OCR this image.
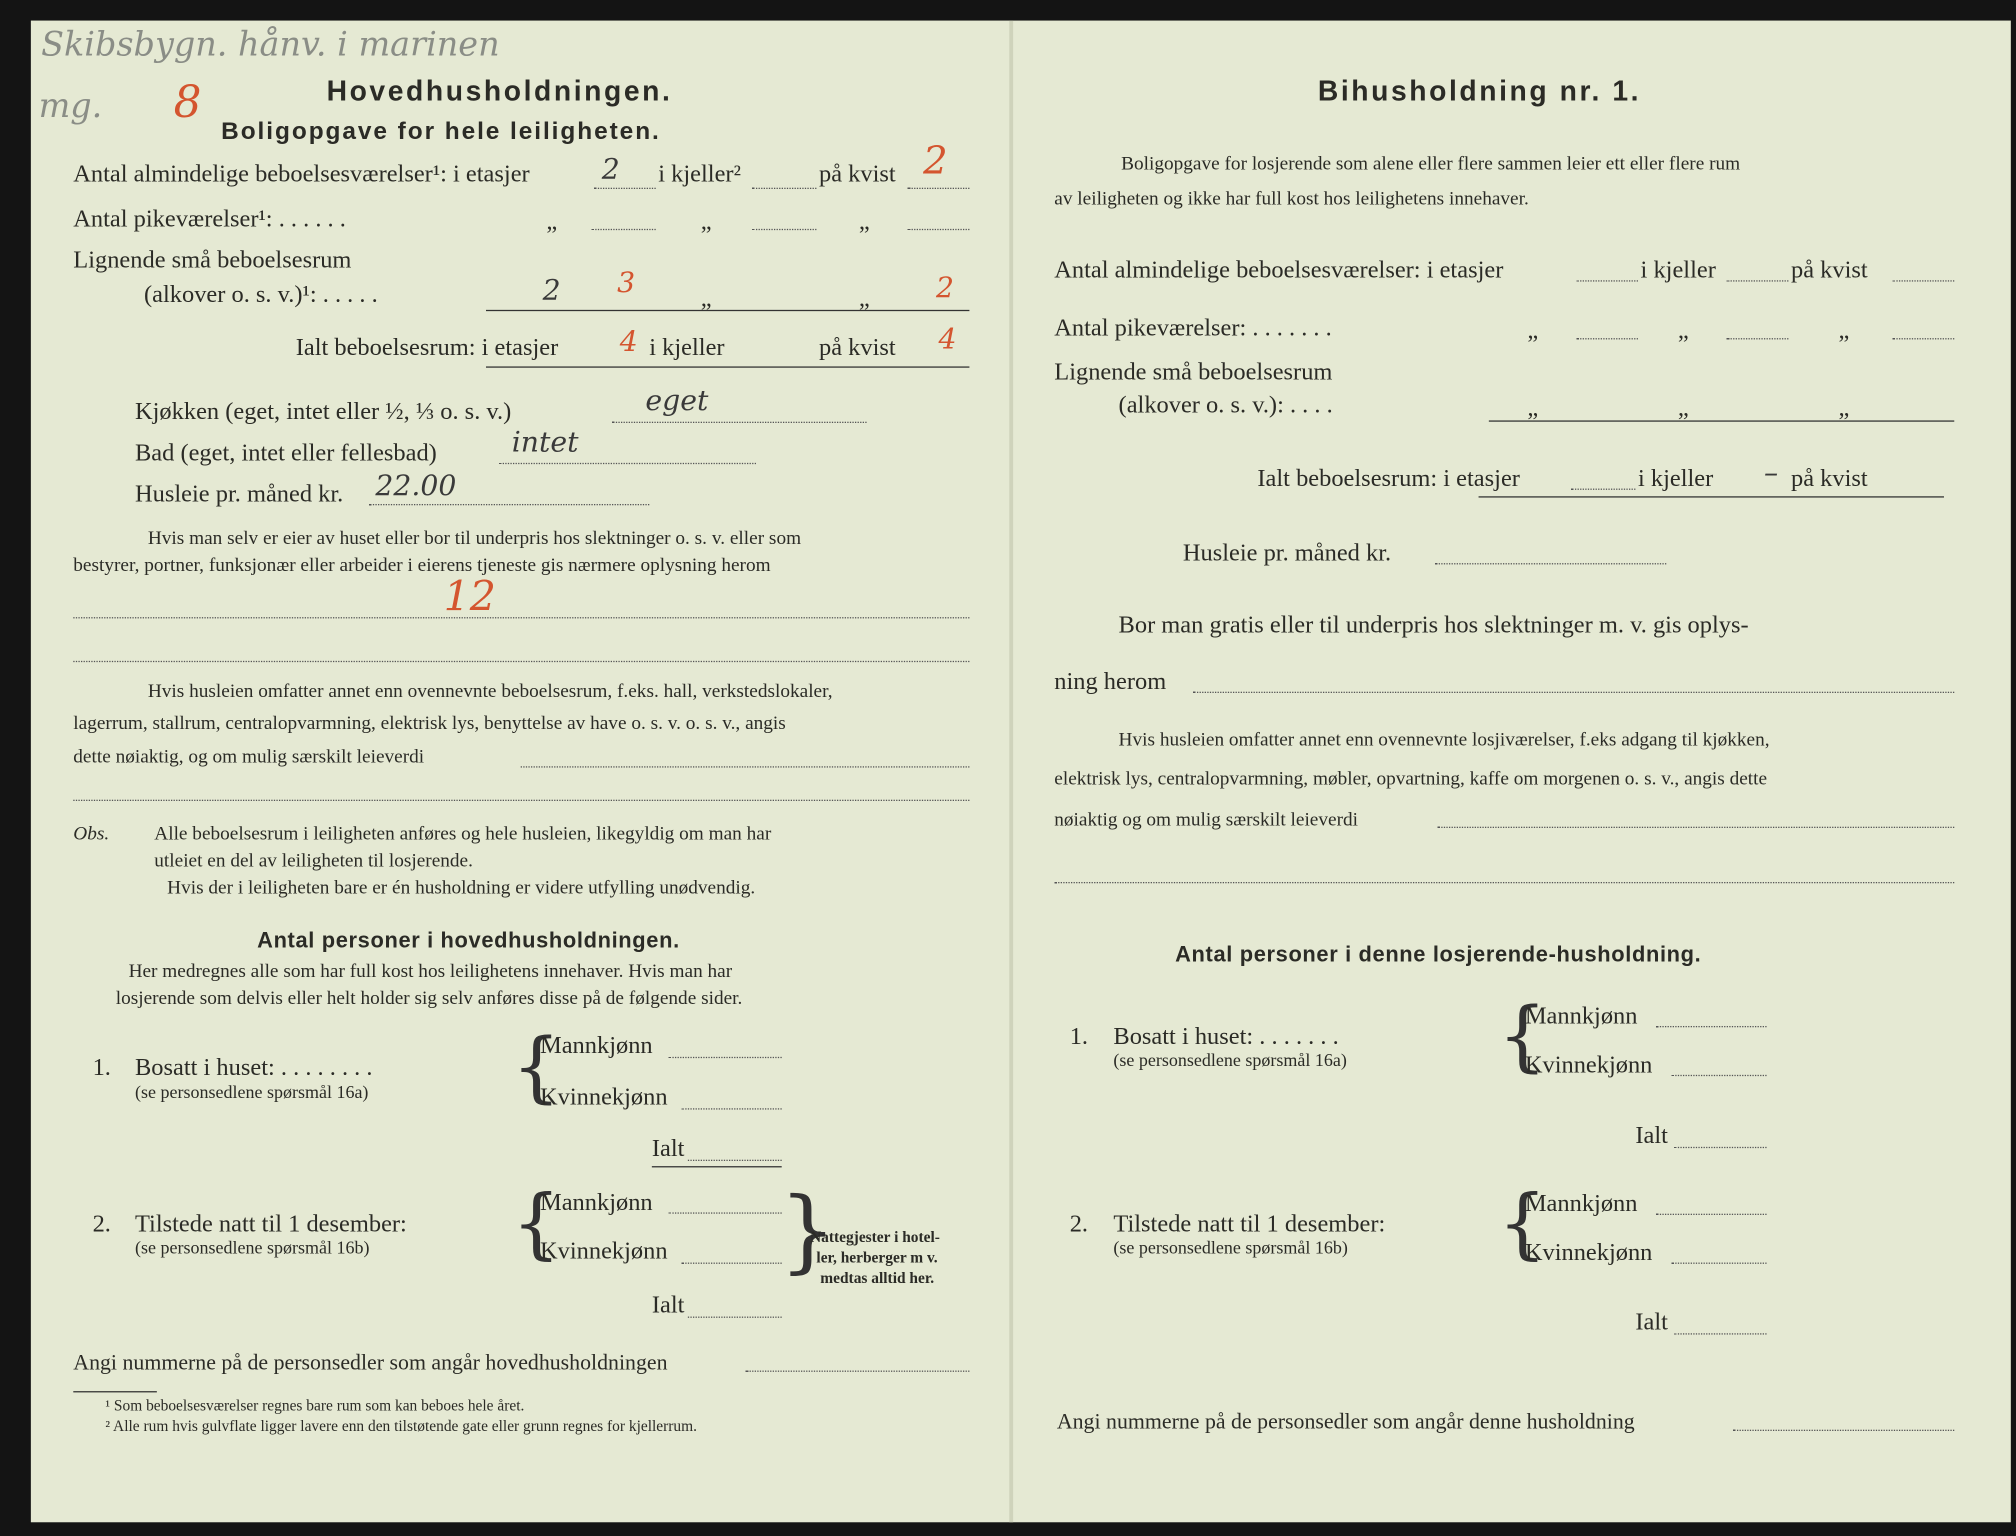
Skibsbygn. hånv. i marinen
mg. 8	Hovedhusholdningen.
Boligopgave for hele leiligheten.
Antal almindelige beboelsesværelser¹: i etasjer	2 i kjeller²	på kvist 2
Antal pikeværelser¹: . . . . . .	„	„	„
Lignende små beboelsesrum
(alkover o. s. v.)¹: . . . . .	2	3	„	„	2
Ialt beboelsesrum: i etasjer	4 i kjeller	på kvist 4
Kjøkken (eget, intet eller ½, ⅓ o. s. v.)	eget
Bad (eget, intet eller fellesbad)	intet
Husleie pr. måned kr. 22.00
Hvis man selv er eier av huset eller bor til underpris hos slektninger o. s. v. eller som
bestyrer, portner, funksjonær eller arbeider i eierens tjeneste gis nærmere oplysning herom
12
Hvis husleien omfatter annet enn ovennevnte beboelsesrum, f.eks. hall, verkstedslokaler,
lagerrum, stallrum, centralopvarmning, elektrisk lys, benyttelse av have o. s. v. o. s. v., angis
dette nøiaktig, og om mulig særskilt leieverdi
Obs.	Alle beboelsesrum i leiligheten anføres og hele husleien, likegyldig om man har
utleiet en del av leiligheten til losjerende.
Hvis der i leiligheten bare er én husholdning er videre utfylling unødvendig.
Antal personer i hovedhusholdningen.
Her medregnes alle som har full kost hos leilighetens innehaver. Hvis man har
losjerende som delvis eller helt holder sig selv anføres disse på de følgende sider.
1. Bosatt i huset: . . . . . . . .
(se personsedlene spørsmål 16a) {
Mannkjønn
Kvinnekjønn
Ialt
2. Tilstede natt til 1 desember:
(se personsedlene spørsmål 16b) {
Mannkjønn
Kvinnekjønn
Ialt
}
Nattegjester i hotel-
ler, herberger m v.
medtas alltid her.
Angi nummerne på de personsedler som angår hovedhusholdningen
¹ Som beboelsesværelser regnes bare rum som kan beboes hele året.
² Alle rum hvis gulvflate ligger lavere enn den tilstøtende gate eller grunn regnes for kjellerrum.
Bihusholdning nr. 1.
Boligopgave for losjerende som alene eller flere sammen leier ett eller flere rum
av leiligheten og ikke har full kost hos leilighetens innehaver.
Antal almindelige beboelsesværelser: i etasjer	i kjeller	på kvist
Antal pikeværelser: . . . . . . .	„	„	„
Lignende små beboelsesrum
(alkover o. s. v.): . . . .	„	„	„
Ialt beboelsesrum: i etasjer	i kjeller – på kvist
Husleie pr. måned kr.
Bor man gratis eller til underpris hos slektninger m. v. gis oplys-
ning herom
Hvis husleien omfatter annet enn ovennevnte losjiværelser, f.eks adgang til kjøkken,
elektrisk lys, centralopvarmning, møbler, opvartning, kaffe om morgenen o. s. v., angis dette
nøiaktig og om mulig særskilt leieverdi
Antal personer i denne losjerende-husholdning.
1. Bosatt i huset: . . . . . . .
(se personsedlene spørsmål 16a)	{
Mannkjønn
Kvinnekjønn
Ialt
2. Tilstede natt til 1 desember:
(se personsedlene spørsmål 16b) {
Mannkjønn
Kvinnekjønn
Ialt
Angi nummerne på de personsedler som angår denne husholdning
